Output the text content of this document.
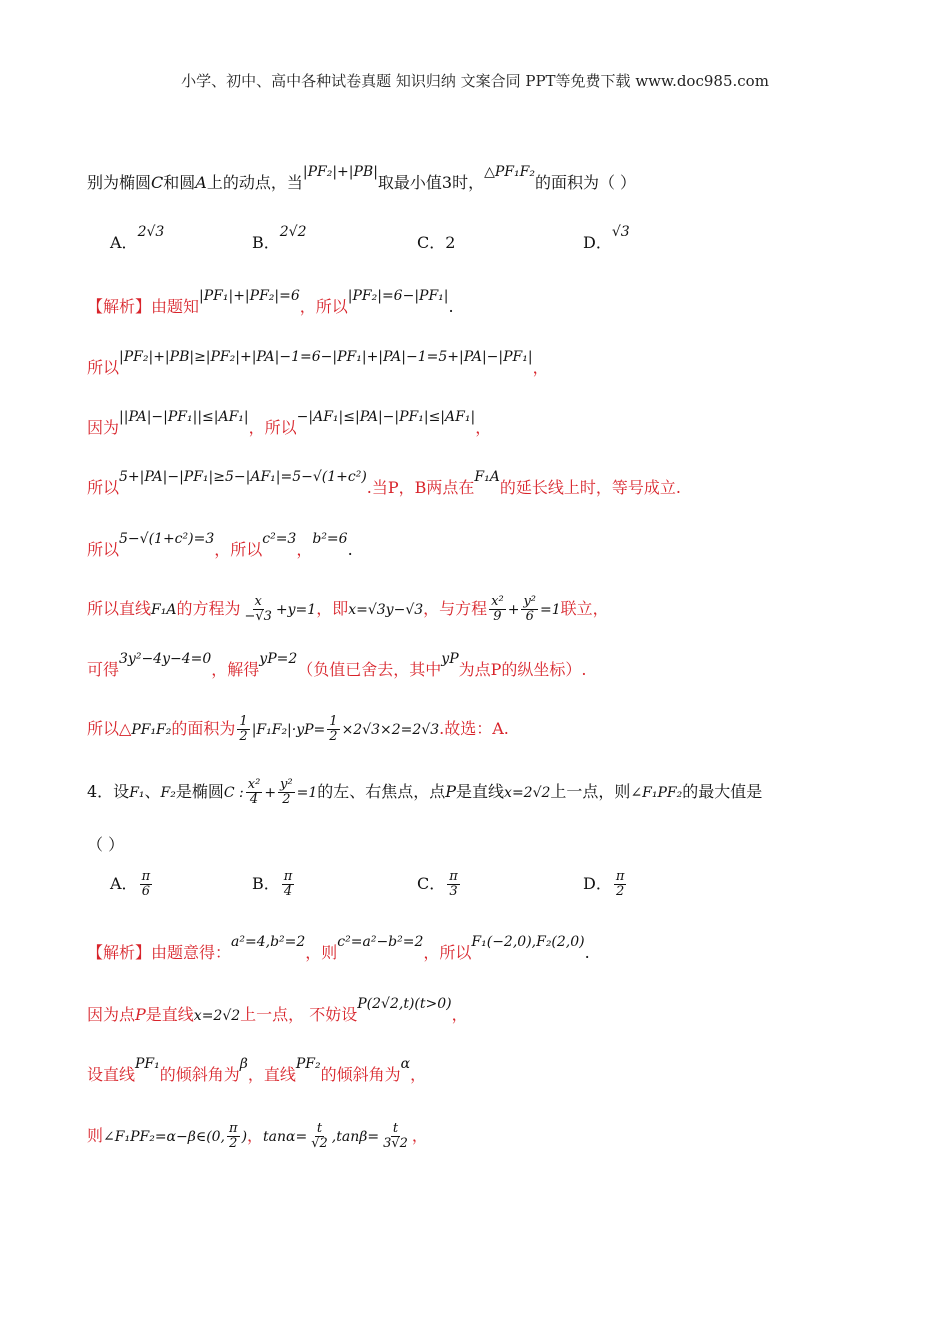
小学、初中、高中各种试卷真题 知识归纳 文案合同 PPT等免费下载 www.doc985.com
别为椭圆C和圆A上的动点，当|PF₂|+|PB|取最小值3时，△PF₁F₂的面积为（ ）
A．2√3
B．2√2
C．2	D．√3
【解析】由题知|PF₁|+|PF₂|=6，所以|PF₂|=6−|PF₁|.
所以|PF₂|+|PB|≥|PF₂|+|PA|−1=6−|PF₁|+|PA|−1=5+|PA|−|PF₁|，
因为||PA|−|PF₁||≤|AF₁|，所以−|AF₁|≤|PA|−|PF₁|≤|AF₁|，
所以5+|PA|−|PF₁|≥5−|AF₁|=5−√(1+c²).当P，B两点在F₁A的延长线上时，等号成立.
所以5−√(1+c²)=3，所以c²=3，b²=6.
所以直线F₁A的方程为 $\frac{x}{-√3} +y=1$，即x=√3y−√3，与方程 $\frac{\text{x²}}{9} + \frac{\text{y²}}{6} =1$联立，
可得3y²−4y−4=0，解得yP=2（负值已舍去，其中yP为点P的纵坐标）.
所以△PF₁F₂的面积为 $\frac{1}{2} |F_1F_2|\cdot yP= \frac{1}{2} \times 2√3\times 2=2√3$.故选：A.
4．设F₁、F₂是椭圆C : $\frac{\text{x²}}{4} + \frac{\text{y²}}{2} =1$的左、右焦点，点P是直线x=2√2上一点，则∠F₁PF₂的最大值是
（ ）
A． $\frac{\pi}{6}$	B． $\frac{\pi}{4}$	C． $\frac{\pi}{3}$	D． $\frac{\pi}{2}$
【解析】由题意得：a²=4,b²=2，则c²=a²−b²=2，所以F₁(−2,0),F₂(2,0).
因为点P是直线x=2√2上一点， 不妨设P(2√2,t)(t>0)，
设直线PF₁的倾斜角为β，直线PF₂的倾斜角为α，
则∠F₁PF₂=α−β∈(0, $\frac{\pi}{2}$ )，$\tan\alpha= \frac{t}{√2} ,\tan\beta= \frac{t}{3√2}$ ，
